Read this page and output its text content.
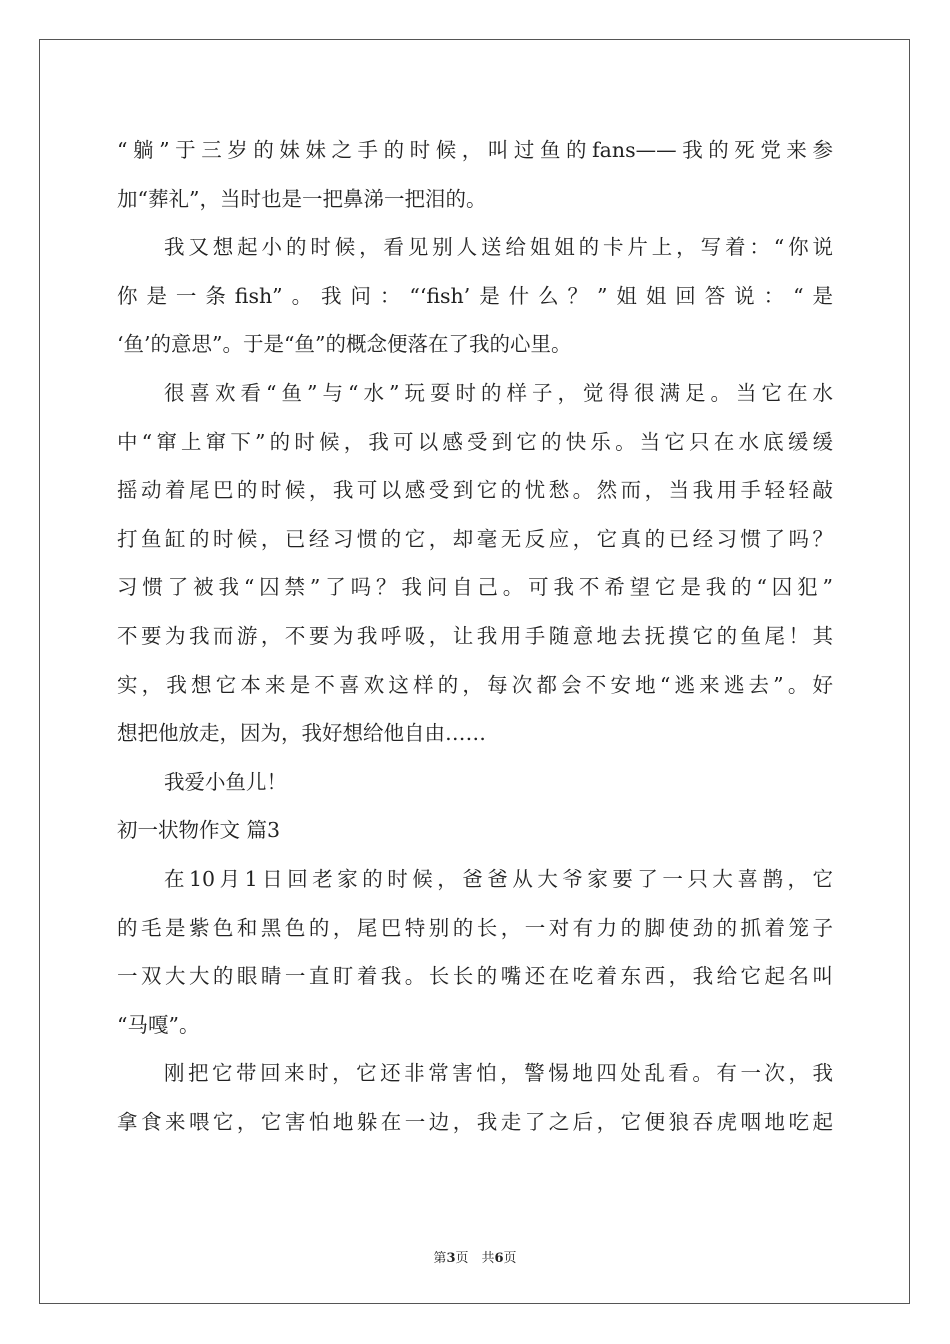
“躺”于三岁的妹妹之手的时候，叫过鱼的fans——我的死党来参
加“葬礼”，当时也是一把鼻涕一把泪的。
我又想起小的时候，看见别人送给姐姐的卡片上，写着：“你说
你是一条fish”。我问：“‘fish’是什么？”姐姐回答说：“是
‘鱼’的意思”。于是“鱼”的概念便落在了我的心里。
很喜欢看“鱼”与“水”玩耍时的样子，觉得很满足。当它在水
中“窜上窜下”的时候，我可以感受到它的快乐。当它只在水底缓缓
摇动着尾巴的时候，我可以感受到它的忧愁。然而，当我用手轻轻敲
打鱼缸的时候，已经习惯的它，却毫无反应，它真的已经习惯了吗？
习惯了被我“囚禁”了吗？我问自己。可我不希望它是我的“囚犯”
不要为我而游，不要为我呼吸，让我用手随意地去抚摸它的鱼尾！其
实，我想它本来是不喜欢这样的，每次都会不安地“逃来逃去”。好
想把他放走，因为，我好想给他自由……
我爱小鱼儿！
初一状物作文 篇3
在10月1日回老家的时候，爸爸从大爷家要了一只大喜鹊，它
的毛是紫色和黑色的，尾巴特别的长，一对有力的脚使劲的抓着笼子
一双大大的眼睛一直盯着我。长长的嘴还在吃着东西，我给它起名叫
“马嘎”。
刚把它带回来时，它还非常害怕，警惕地四处乱看。有一次，我
拿食来喂它，它害怕地躲在一边，我走了之后，它便狼吞虎咽地吃起
第3页　共6页
